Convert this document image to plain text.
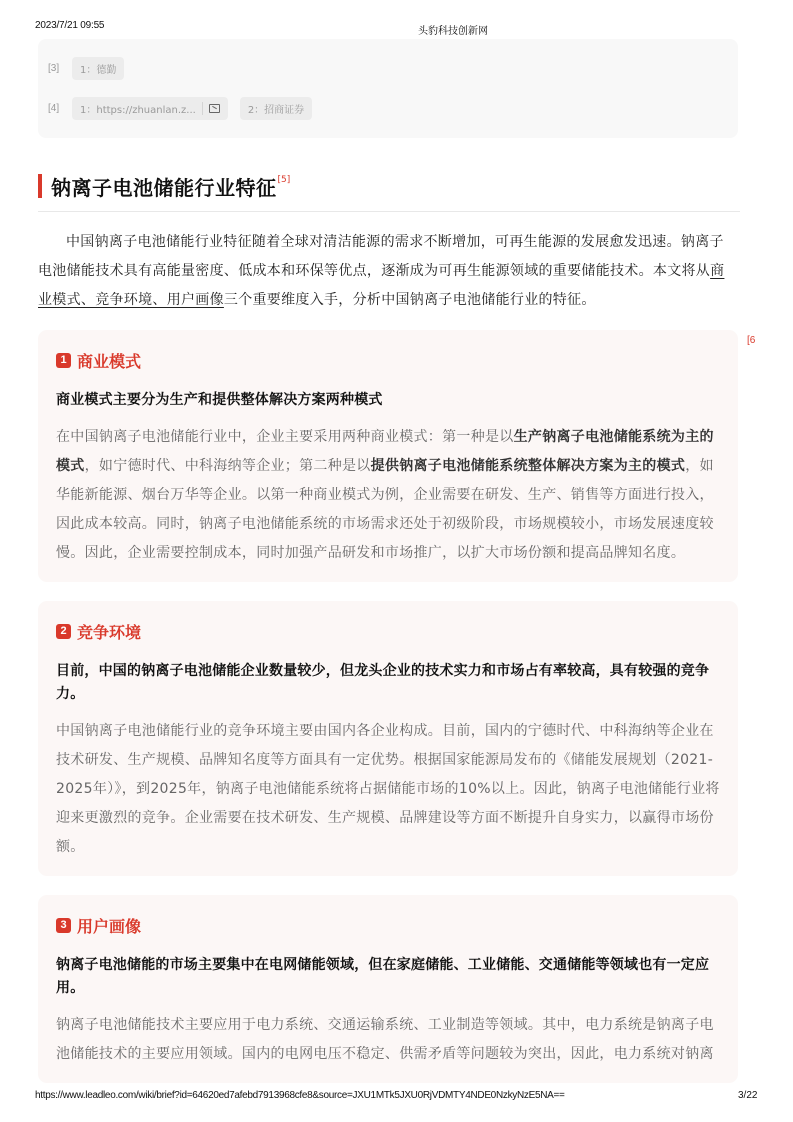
2023/7/21 09:55
头豹科技创新网
[3]	1：德勤
[4]	1：https://zhuanlan.z...	2：招商证券
钠离子电池储能行业特征[5]

中国钠离子电池储能行业特征随着全球对清洁能源的需求不断增加，可再生能源的发展愈发迅速。钠离子电池储能技术具有高能量密度、低成本和环保等优点，逐渐成为可再生能源领域的重要储能技术。本文将从商业模式、竞争环境、用户画像三个重要维度入手，分析中国钠离子电池储能行业的特征。

[6
1 商业模式
商业模式主要分为生产和提供整体解决方案两种模式
在中国钠离子电池储能行业中，企业主要采用两种商业模式：第一种是以生产钠离子电池储能系统为主的模式，如宁德时代、中科海纳等企业；第二种是以提供钠离子电池储能系统整体解决方案为主的模式，如华能新能源、烟台万华等企业。以第一种商业模式为例，企业需要在研发、生产、销售等方面进行投入，因此成本较高。同时，钠离子电池储能系统的市场需求还处于初级阶段，市场规模较小，市场发展速度较慢。因此，企业需要控制成本，同时加强产品研发和市场推广，以扩大市场份额和提高品牌知名度。
2 竞争环境
目前，中国的钠离子电池储能企业数量较少，但龙头企业的技术实力和市场占有率较高，具有较强的竞争力。
中国钠离子电池储能行业的竞争环境主要由国内各企业构成。目前，国内的宁德时代、中科海纳等企业在技术研发、生产规模、品牌知名度等方面具有一定优势。根据国家能源局发布的《储能发展规划（2021-2025年）》，到2025年，钠离子电池储能系统将占据储能市场的10%以上。因此，钠离子电池储能行业将迎来更激烈的竞争。企业需要在技术研发、生产规模、品牌建设等方面不断提升自身实力，以赢得市场份额。
3 用户画像
钠离子电池储能的市场主要集中在电网储能领域，但在家庭储能、工业储能、交通储能等领域也有一定应用。
钠离子电池储能技术主要应用于电力系统、交通运输系统、工业制造等领域。其中，电力系统是钠离子电池储能技术的主要应用领域。国内的电网电压不稳定、供需矛盾等问题较为突出，因此，电力系统对钠离
https://www.leadleo.com/wiki/brief?id=64620ed7afebd7913968cfe8&source=JXU1MTk5JXU0RjVDMTY4NDE0NzkyNzE5NA==	3/22
